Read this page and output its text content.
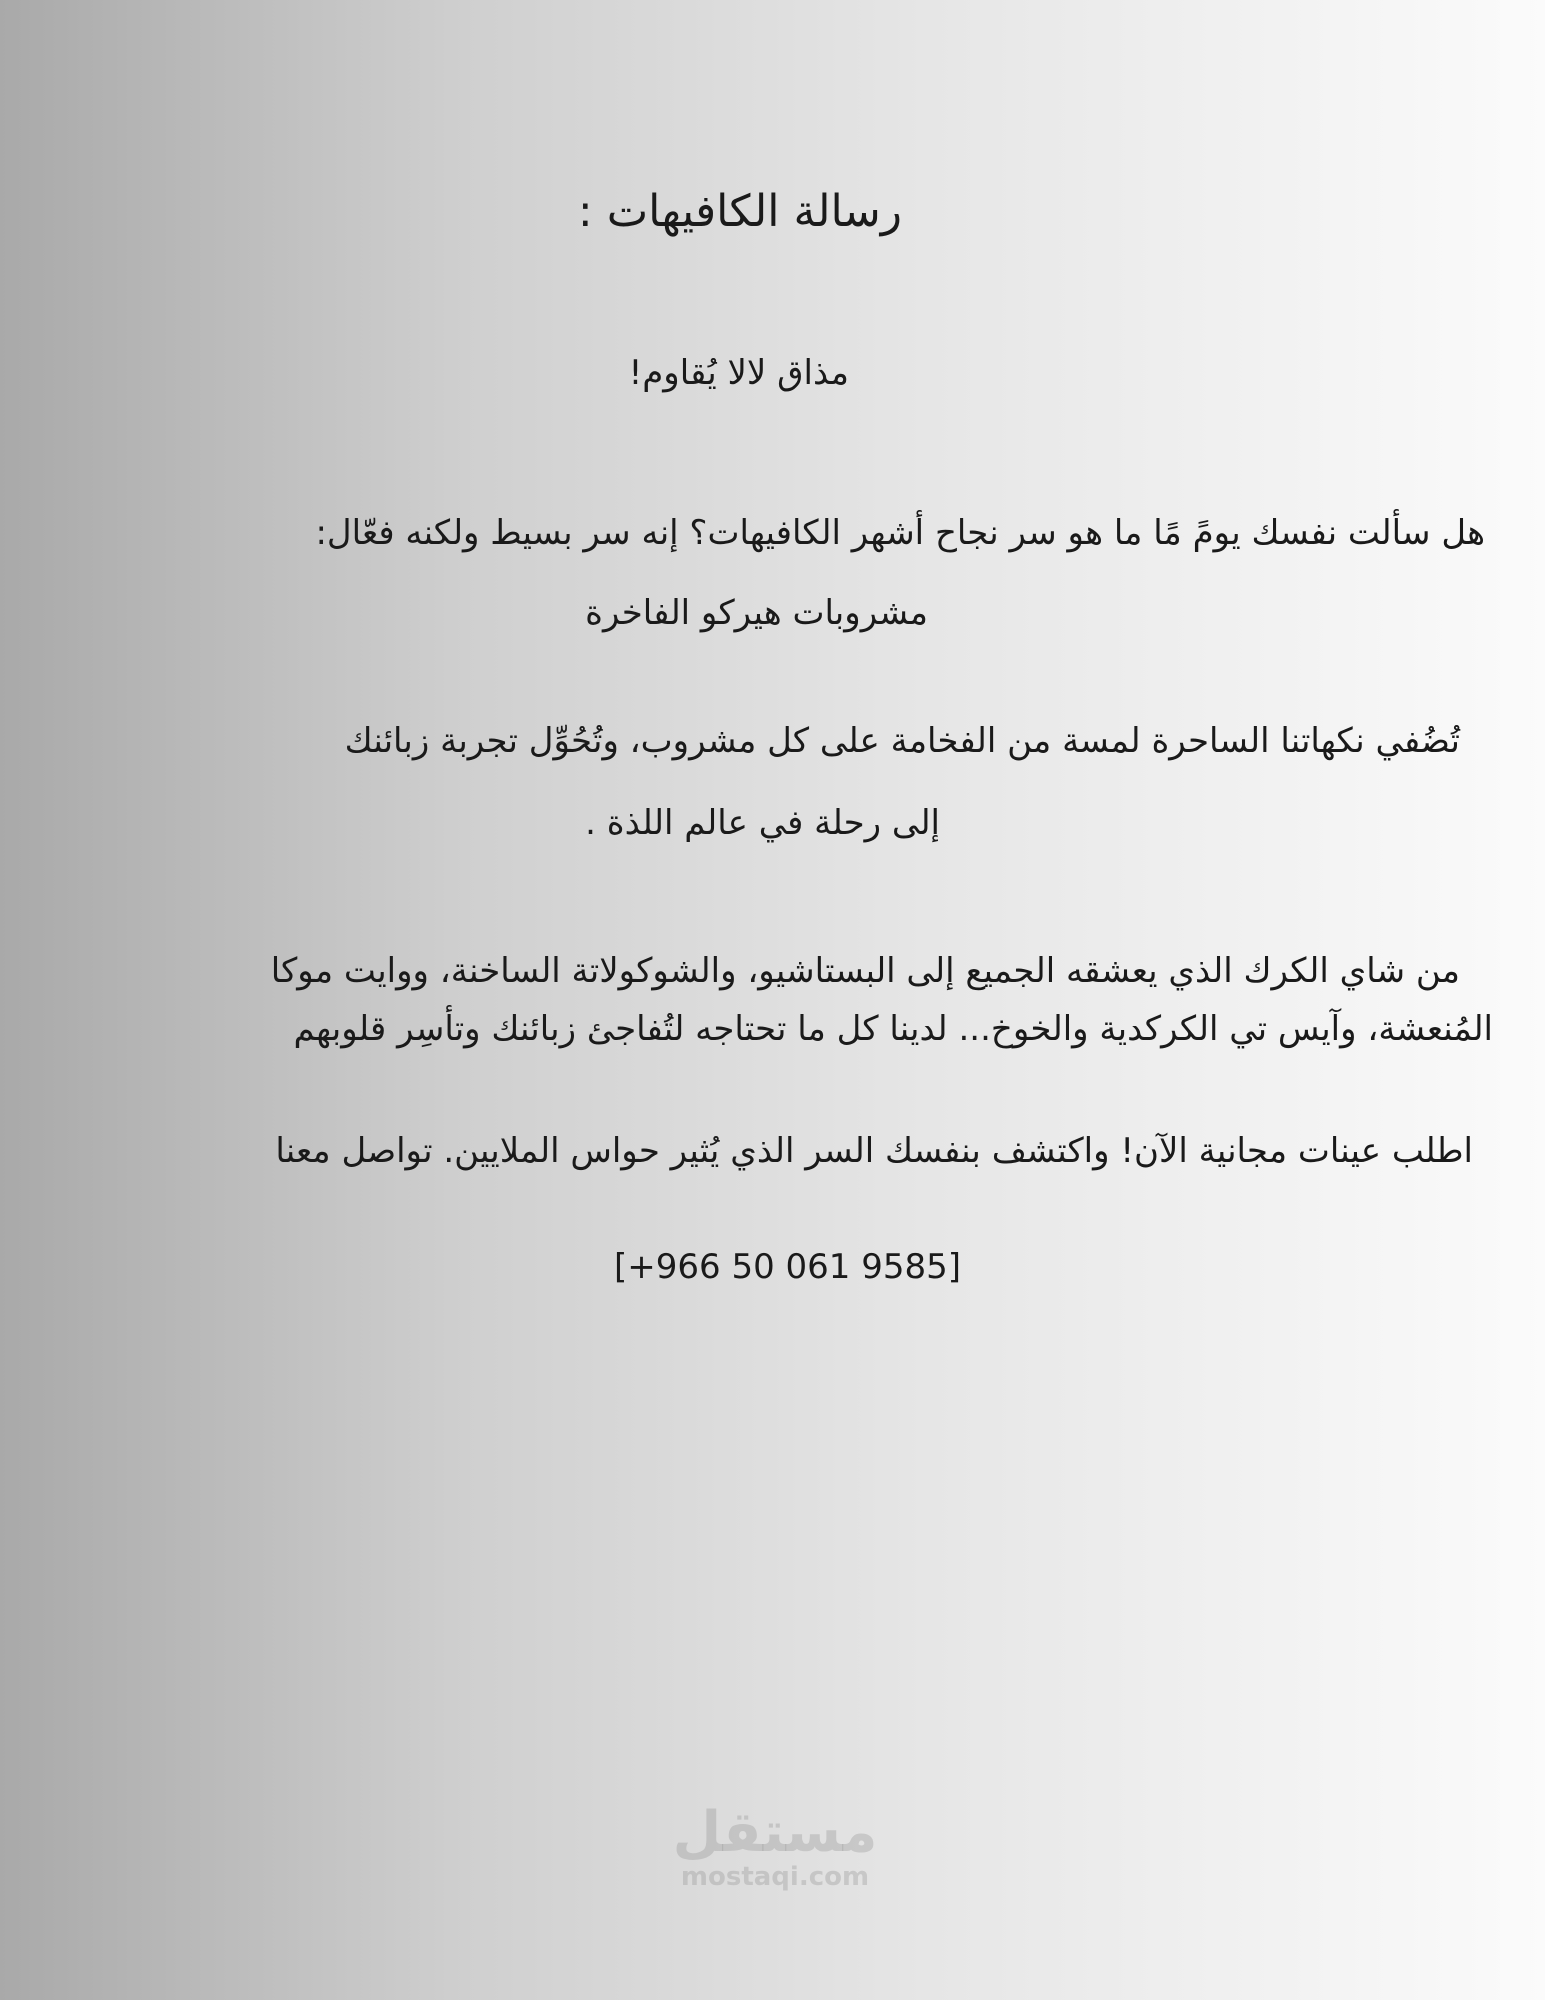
رسالة الكافيهات :

مذاق لالا يُقاوم!

هل سألت نفسك يومً مًا ما هو سر نجاح أشهر الكافيهات؟ إنه سر بسيط ولكنه فعّال:

مشروبات هيركو الفاخرة

تُضُفي نكهاتنا الساحرة لمسة من الفخامة على كل مشروب، وتُحُوِّل تجربة زبائنك

إلى رحلة في عالم اللذة .

من شاي الكرك الذي يعشقه الجميع إلى البستاشيو، والشوكولاتة الساخنة، ووايت موكا

المُنعشة، وآيس تي الكركدية والخوخ... لدينا كل ما تحتاجه لتُفاجئ زبائنك وتأسِر قلوبهم

اطلب عينات مجانية الآن! واكتشف بنفسك السر الذي يُثير حواس الملايين. تواصل معنا

[+966 50 061 9585]

مستقل
mostaqi.com
